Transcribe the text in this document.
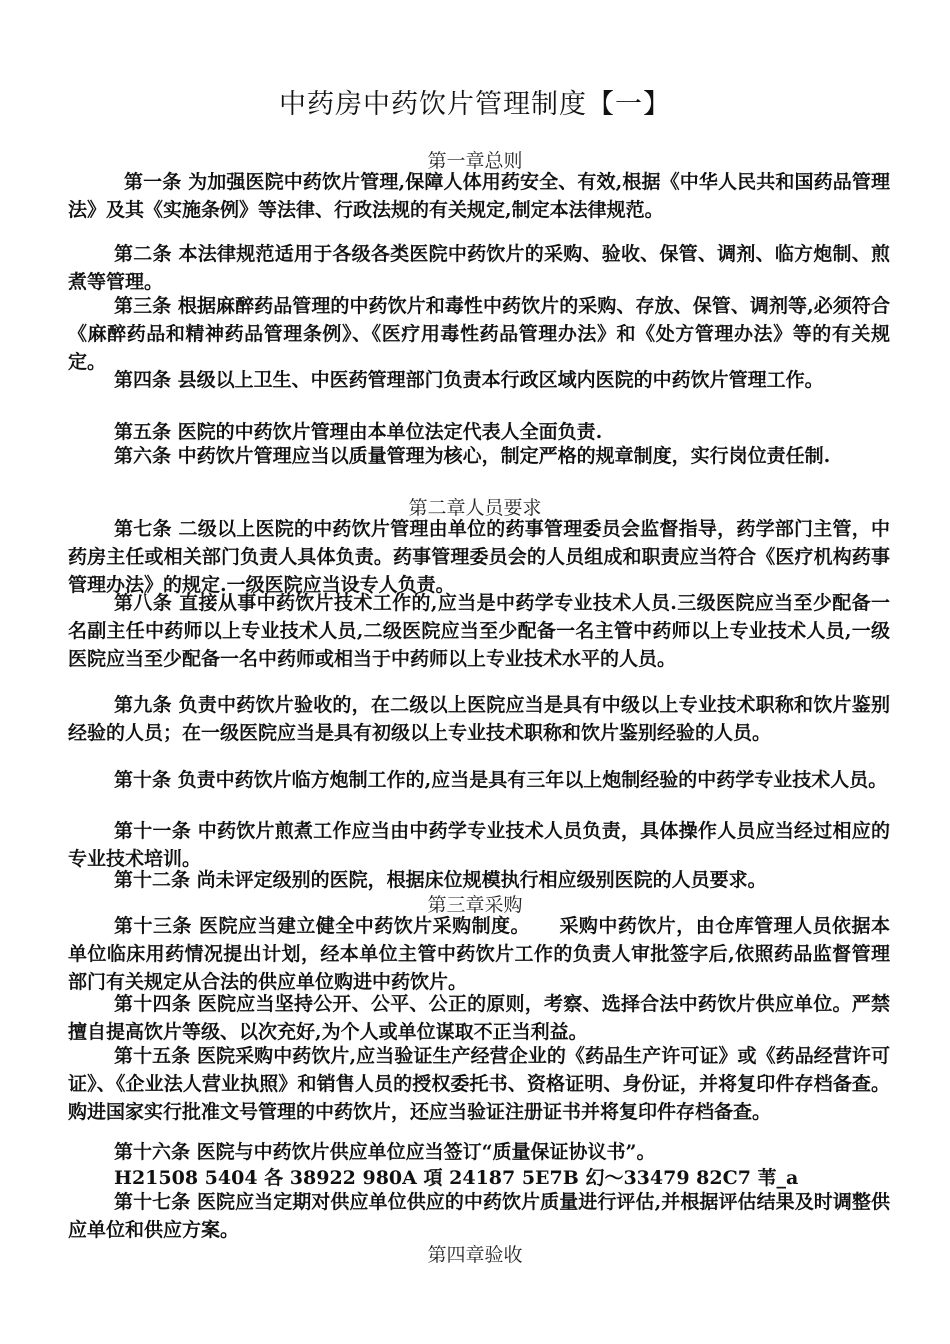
中药房中药饮片管理制度【一】
第一章总则
第一条 为加强医院中药饮片管理,保障人体用药安全、有效,根据《中华人民共和国药品管理法》及其《实施条例》等法律、行政法规的有关规定,制定本法律规范。
第二条 本法律规范适用于各级各类医院中药饮片的采购、验收、保管、调剂、临方炮制、煎煮等管理。
第三条 根据麻醉药品管理的中药饮片和毒性中药饮片的采购、存放、保管、调剂等,必须符合《麻醉药品和精神药品管理条例》、《医疗用毒性药品管理办法》和《处方管理办法》等的有关规定。
第四条 县级以上卫生、中医药管理部门负责本行政区域内医院的中药饮片管理工作。
第五条 医院的中药饮片管理由本单位法定代表人全面负责.
第六条 中药饮片管理应当以质量管理为核心，制定严格的规章制度，实行岗位责任制.
第二章人员要求
第七条 二级以上医院的中药饮片管理由单位的药事管理委员会监督指导，药学部门主管，中药房主任或相关部门负责人具体负责。药事管理委员会的人员组成和职责应当符合《医疗机构药事管理办法》的规定.一级医院应当设专人负责。
第八条 直接从事中药饮片技术工作的,应当是中药学专业技术人员.三级医院应当至少配备一名副主任中药师以上专业技术人员,二级医院应当至少配备一名主管中药师以上专业技术人员,一级医院应当至少配备一名中药师或相当于中药师以上专业技术水平的人员。
第九条 负责中药饮片验收的，在二级以上医院应当是具有中级以上专业技术职称和饮片鉴别经验的人员；在一级医院应当是具有初级以上专业技术职称和饮片鉴别经验的人员。
第十条 负责中药饮片临方炮制工作的,应当是具有三年以上炮制经验的中药学专业技术人员。
第十一条 中药饮片煎煮工作应当由中药学专业技术人员负责，具体操作人员应当经过相应的专业技术培训。
第十二条 尚未评定级别的医院，根据床位规模执行相应级别医院的人员要求。
第三章采购
第十三条 医院应当建立健全中药饮片采购制度。　　采购中药饮片，由仓库管理人员依据本单位临床用药情况提出计划，经本单位主管中药饮片工作的负责人审批签字后,依照药品监督管理部门有关规定从合法的供应单位购进中药饮片。
第十四条 医院应当坚持公开、公平、公正的原则，考察、选择合法中药饮片供应单位。严禁擅自提高饮片等级、以次充好,为个人或单位谋取不正当利益。
第十五条 医院采购中药饮片,应当验证生产经营企业的《药品生产许可证》或《药品经营许可证》、《企业法人营业执照》和销售人员的授权委托书、资格证明、身份证，并将复印件存档备查。购进国家实行批准文号管理的中药饮片，还应当验证注册证书并将复印件存档备查。
第十六条 医院与中药饮片供应单位应当签订“质量保证协议书”。
H21508 5404 各 38922 980A 項 24187 5E7B 幻～33479 82C7 苇_a
第十七条 医院应当定期对供应单位供应的中药饮片质量进行评估,并根据评估结果及时调整供应单位和供应方案。
第四章验收
